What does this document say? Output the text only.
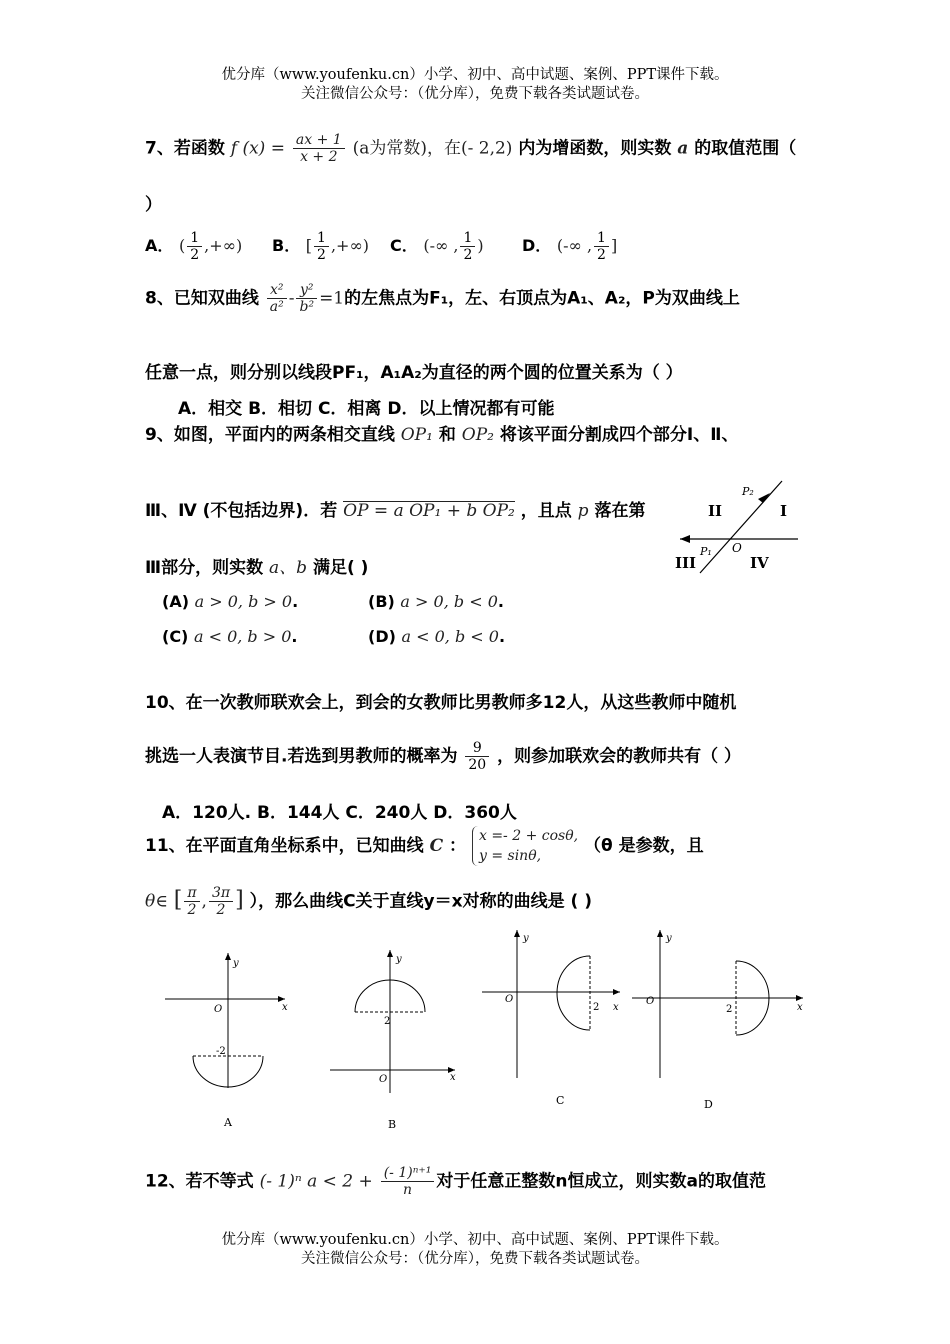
优分库（www.youfenku.cn）小学、初中、高中试题、案例、PPT课件下载。
关注微信公众号：（优分库），免费下载各类试题试卷。
7、若函数 f $(x) = \frac{ax + 1}{x + 2} (a$为常数)，在(- 2,2) 内为增函数，则实数 a 的取值范围（
）
A． ( $\frac{1}{2}$ ,+∞) B． [ $\frac{1}{2}$ ,+∞) C． (-∞ , $\frac{1}{2}$ ) D． (-∞ , $\frac{1}{2}$ ]
8、已知双曲线 $\frac{\text{x²}}{\text{a²}} - \frac{\text{y²}}{\text{b²}} =1$的左焦点为F₁，左、右顶点为A₁、A₂，P为双曲线上
任意一点，则分别以线段PF₁，A₁A₂为直径的两个圆的位置关系为（ ）
A．相交 B．相切 C．相离 D．以上情况都有可能
9、如图，平面内的两条相交直线 OP₁ 和 OP₂ 将该平面分割成四个部分Ⅰ、Ⅱ、
Ⅲ、Ⅳ (不包括边界)．若 OP = a OP₁ + b OP₂ ，且点 p 落在第
Ⅲ部分，则实数 a、b 满足( )
(A) a > 0, b > 0.	(B) a > 0, b < 0.
(C) a < 0, b > 0.	(D) a < 0, b < 0.
II	I
III	IV
O
P₁
P₂
10、在一次教师联欢会上，到会的女教师比男教师多12人，从这些教师中随机
挑选一人表演节目.若选到男教师的概率为 $\frac{9}{20}$ ，则参加联欢会的教师共有（ ）
A．120人. B．144人 C．240人 D．360人
11、在平面直角坐标系中，已知曲线 C ： x =- 2 + cosθ,
y = sinθ,	（θ 是参数，且
θ∈ [ $\frac{\pi}{2}$ , $\frac{3\pi}{2}$ ] ），那么曲线C关于直线y＝x对称的曲线是 ( )
x
y
O
-2
A
x
y
O
2
B
x
y
O
2
C
x
y
O
2
D
12、若不等式 (- 1)ⁿ $a < 2 + \frac{\text{(- 1)ⁿ⁺¹}}{n}$ 对于任意正整数n恒成立，则实数a的取值范
优分库（www.youfenku.cn）小学、初中、高中试题、案例、PPT课件下载。
关注微信公众号：（优分库），免费下载各类试题试卷。
